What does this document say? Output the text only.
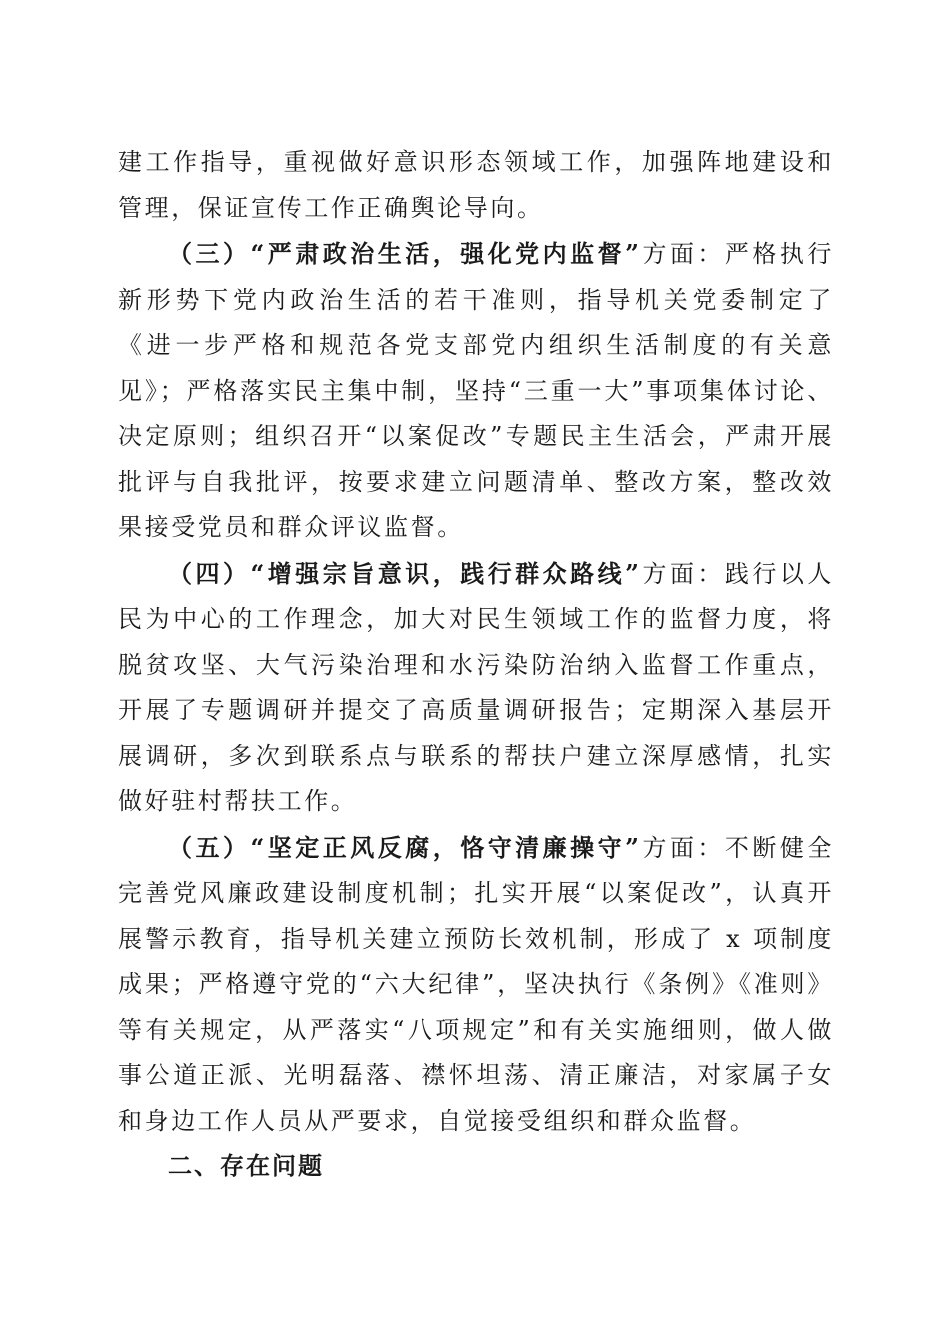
建工作指导，重视做好意识形态领域工作，加强阵地建设和管理，保证宣传工作正确舆论导向。

（三）“严肃政治生活，强化党内监督”方面：严格执行新形势下党内政治生活的若干准则，指导机关党委制定了《进一步严格和规范各党支部党内组织生活制度的有关意见》；严格落实民主集中制，坚持“三重一大”事项集体讨论、决定原则；组织召开“以案促改”专题民主生活会，严肃开展批评与自我批评，按要求建立问题清单、整改方案，整改效果接受党员和群众评议监督。

（四）“增强宗旨意识，践行群众路线”方面：践行以人民为中心的工作理念，加大对民生领域工作的监督力度，将脱贫攻坚、大气污染治理和水污染防治纳入监督工作重点，开展了专题调研并提交了高质量调研报告；定期深入基层开展调研，多次到联系点与联系的帮扶户建立深厚感情，扎实做好驻村帮扶工作。

（五）“坚定正风反腐，恪守清廉操守”方面：不断健全完善党风廉政建设制度机制；扎实开展“以案促改”，认真开展警示教育，指导机关建立预防长效机制，形成了 x 项制度成果；严格遵守党的“六大纪律”，坚决执行《条例》《准则》等有关规定，从严落实“八项规定”和有关实施细则，做人做事公道正派、光明磊落、襟怀坦荡、清正廉洁，对家属子女和身边工作人员从严要求，自觉接受组织和群众监督。

二、存在问题
